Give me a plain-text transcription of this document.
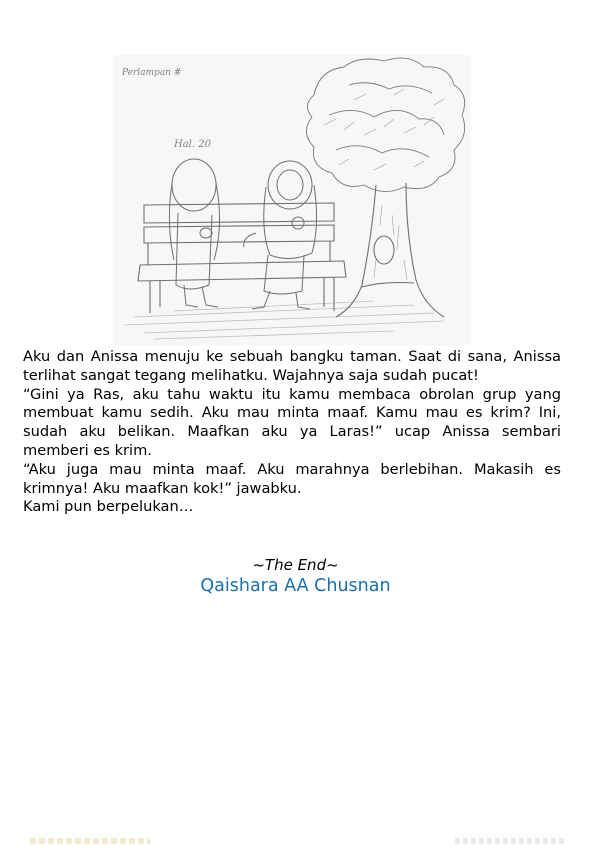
Perlampan #
Hal. 20

Aku dan Anissa menuju ke sebuah bangku taman. Saat di sana, Anissa terlihat sangat tegang melihatku. Wajahnya saja sudah pucat!

“Gini ya Ras, aku tahu waktu itu kamu membaca obrolan grup yang membuat kamu sedih. Aku mau minta maaf. Kamu mau es krim? Ini, sudah aku belikan. Maafkan aku ya Laras!” ucap Anissa sembari memberi es krim.

“Aku juga mau minta maaf. Aku marahnya berlebihan. Makasih es krimnya! Aku maafkan kok!” jawabku.

Kami pun berpelukan…

~The End~
Qaishara AA Chusnan
